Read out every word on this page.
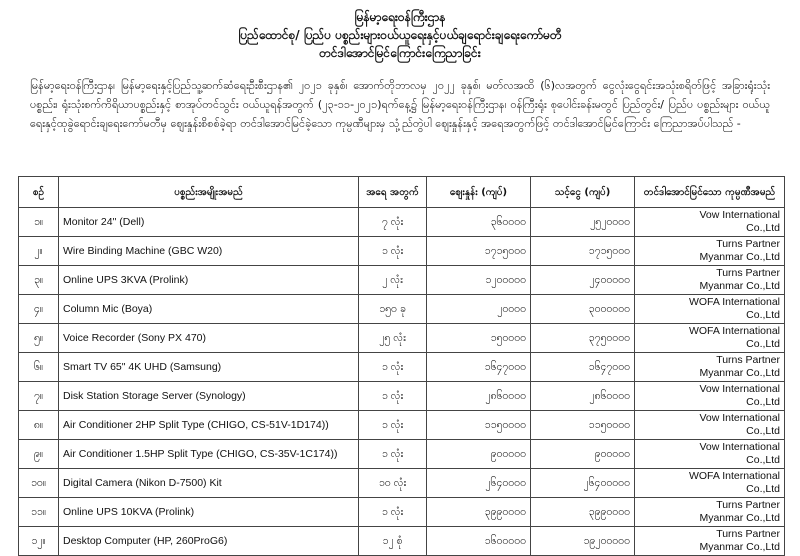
မြန်မာ့ရေးဝန်ကြီးဌာန
ပြည်ထောင်စု/ ပြည်ပ ပစ္စည်းများဝယ်ယူရေးနှင့်ပယ်ချရောင်းချရေးကော်မတီ
တင်ဒါအောင်မြင်ကြောင်းကြေညာခြင်း
မြန်မာ့ရေးဝန်ကြီးဌာန၊ မြန်မာ့ရေးနှင့်ပြည်သူ့ဆက်ဆံရေးဦးစီးဌာန၏ ၂၀၂၁ ခုနှစ်၊ အောက်တိုဘာလမှ ၂၀၂၂ ခုနှစ်၊ မတ်လအထိ (၆)လအတွက် ငွေလုံးငွေရင်းအသုံးစရိတ်ဖြင့် အခြားရုံးသုံးပစ္စည်း၊ ရုံးသုံးစက်ကိရိယာပစ္စည်းနှင့် စာအုပ်တင်သွင်း ဝယ်ယူရန်အတွက် (၂၃-၁၁-၂၀၂၁)ရက်နေ့၌ မြန်မာ့ရေးဝန်ကြီးဌာန၊ ဝန်ကြီးရုံး စုပေါင်းခန်းမတွင် ပြည်တွင်း/ ပြည်ပ ပစ္စည်းများ ဝယ်ယူရေးနှင့်ထုခွဲရောင်းချရေးကော်မတီမှ ဈေးနှုန်းစိစစ်ခဲ့ရာ တင်ဒါအောင်မြင်ခဲ့သော ကုမ္ပဏီများမှ သုံ့ည်တွဲပါ ဈေးနှုန်းနှင့် အရေအတွက်ဖြင့် တင်ဒါအောင်မြင်ကြောင်း ကြေညာအပ်ပါသည် -
စဉ်	ပစ္စည်းအမျိုးအမည်	အရေ အတွက်	ဈေးနှုန်း (ကျပ်)	သင့်ငွေ (ကျပ်)	တင်ဒါအောင်မြင်သော ကုမ္ပဏီအမည်
၁။	Monitor 24" (Dell)	၇ လုံး	၃၆၀၀၀၀	၂၅၂၀၀၀၀	Vow International
Co.,Ltd

၂။	Wire Binding Machine (GBC W20)	၁ လုံး	၁၇၁၅၀၀၀	၁၇၁၅၀၀၀	Turns Partner
Myanmar Co.,Ltd

၃။	Online UPS 3KVA (Prolink)	၂ လုံး	၁၂၀၀၀၀၀	၂၄၀၀၀၀၀	Turns Partner
Myanmar Co.,Ltd

၄။	Column Mic (Boya)	၁၅၀ ခု	၂၀၀၀၀	၃၀၀၀၀၀၀	WOFA International
Co.,Ltd

၅။	Voice Recorder (Sony PX 470)	၂၅ လုံး	၁၅၀၀၀၀	၃၇၅၀၀၀၀	WOFA International
Co.,Ltd

၆။	Smart TV 65" 4K UHD (Samsung)	၁ လုံး	၁၆၄၇၀၀၀	၁၆၄၇၀၀၀	Turns Partner
Myanmar Co.,Ltd

၇။	Disk Station Storage Server (Synology)	၁ လုံး	၂၈၆၀၀၀၀	၂၈၆၀၀၀၀	Vow International
Co.,Ltd

၈။	Air Conditioner 2HP Split Type (CHIGO, CS-51V-1D174))	၁ လုံး	၁၁၅၀၀၀၀	၁၁၅၀၀၀၀	Vow International
Co.,Ltd

၉။	Air Conditioner 1.5HP Split Type (CHIGO, CS-35V-1C174))	၁ လုံး	၉၀၀၀၀၀	၉၀၀၀၀၀	Vow International
Co.,Ltd

၁၀။	Digital Camera (Nikon D-7500) Kit	၁၀ လုံး	၂၆၄၀၀၀၀	၂၆၄၀၀၀၀၀	WOFA International
Co.,Ltd

၁၁။	Online UPS 10KVA (Prolink)	၁ လုံး	၃၉၉၀၀၀၀	၃၉၉၀၀၀၀	Turns Partner
Myanmar Co.,Ltd

၁၂။	Desktop Computer (HP, 260ProG6)	၁၂ စုံ	၁၆၀၀၀၀၀	၁၉၂၀၀၀၀၀	Turns Partner
Myanmar Co.,Ltd
